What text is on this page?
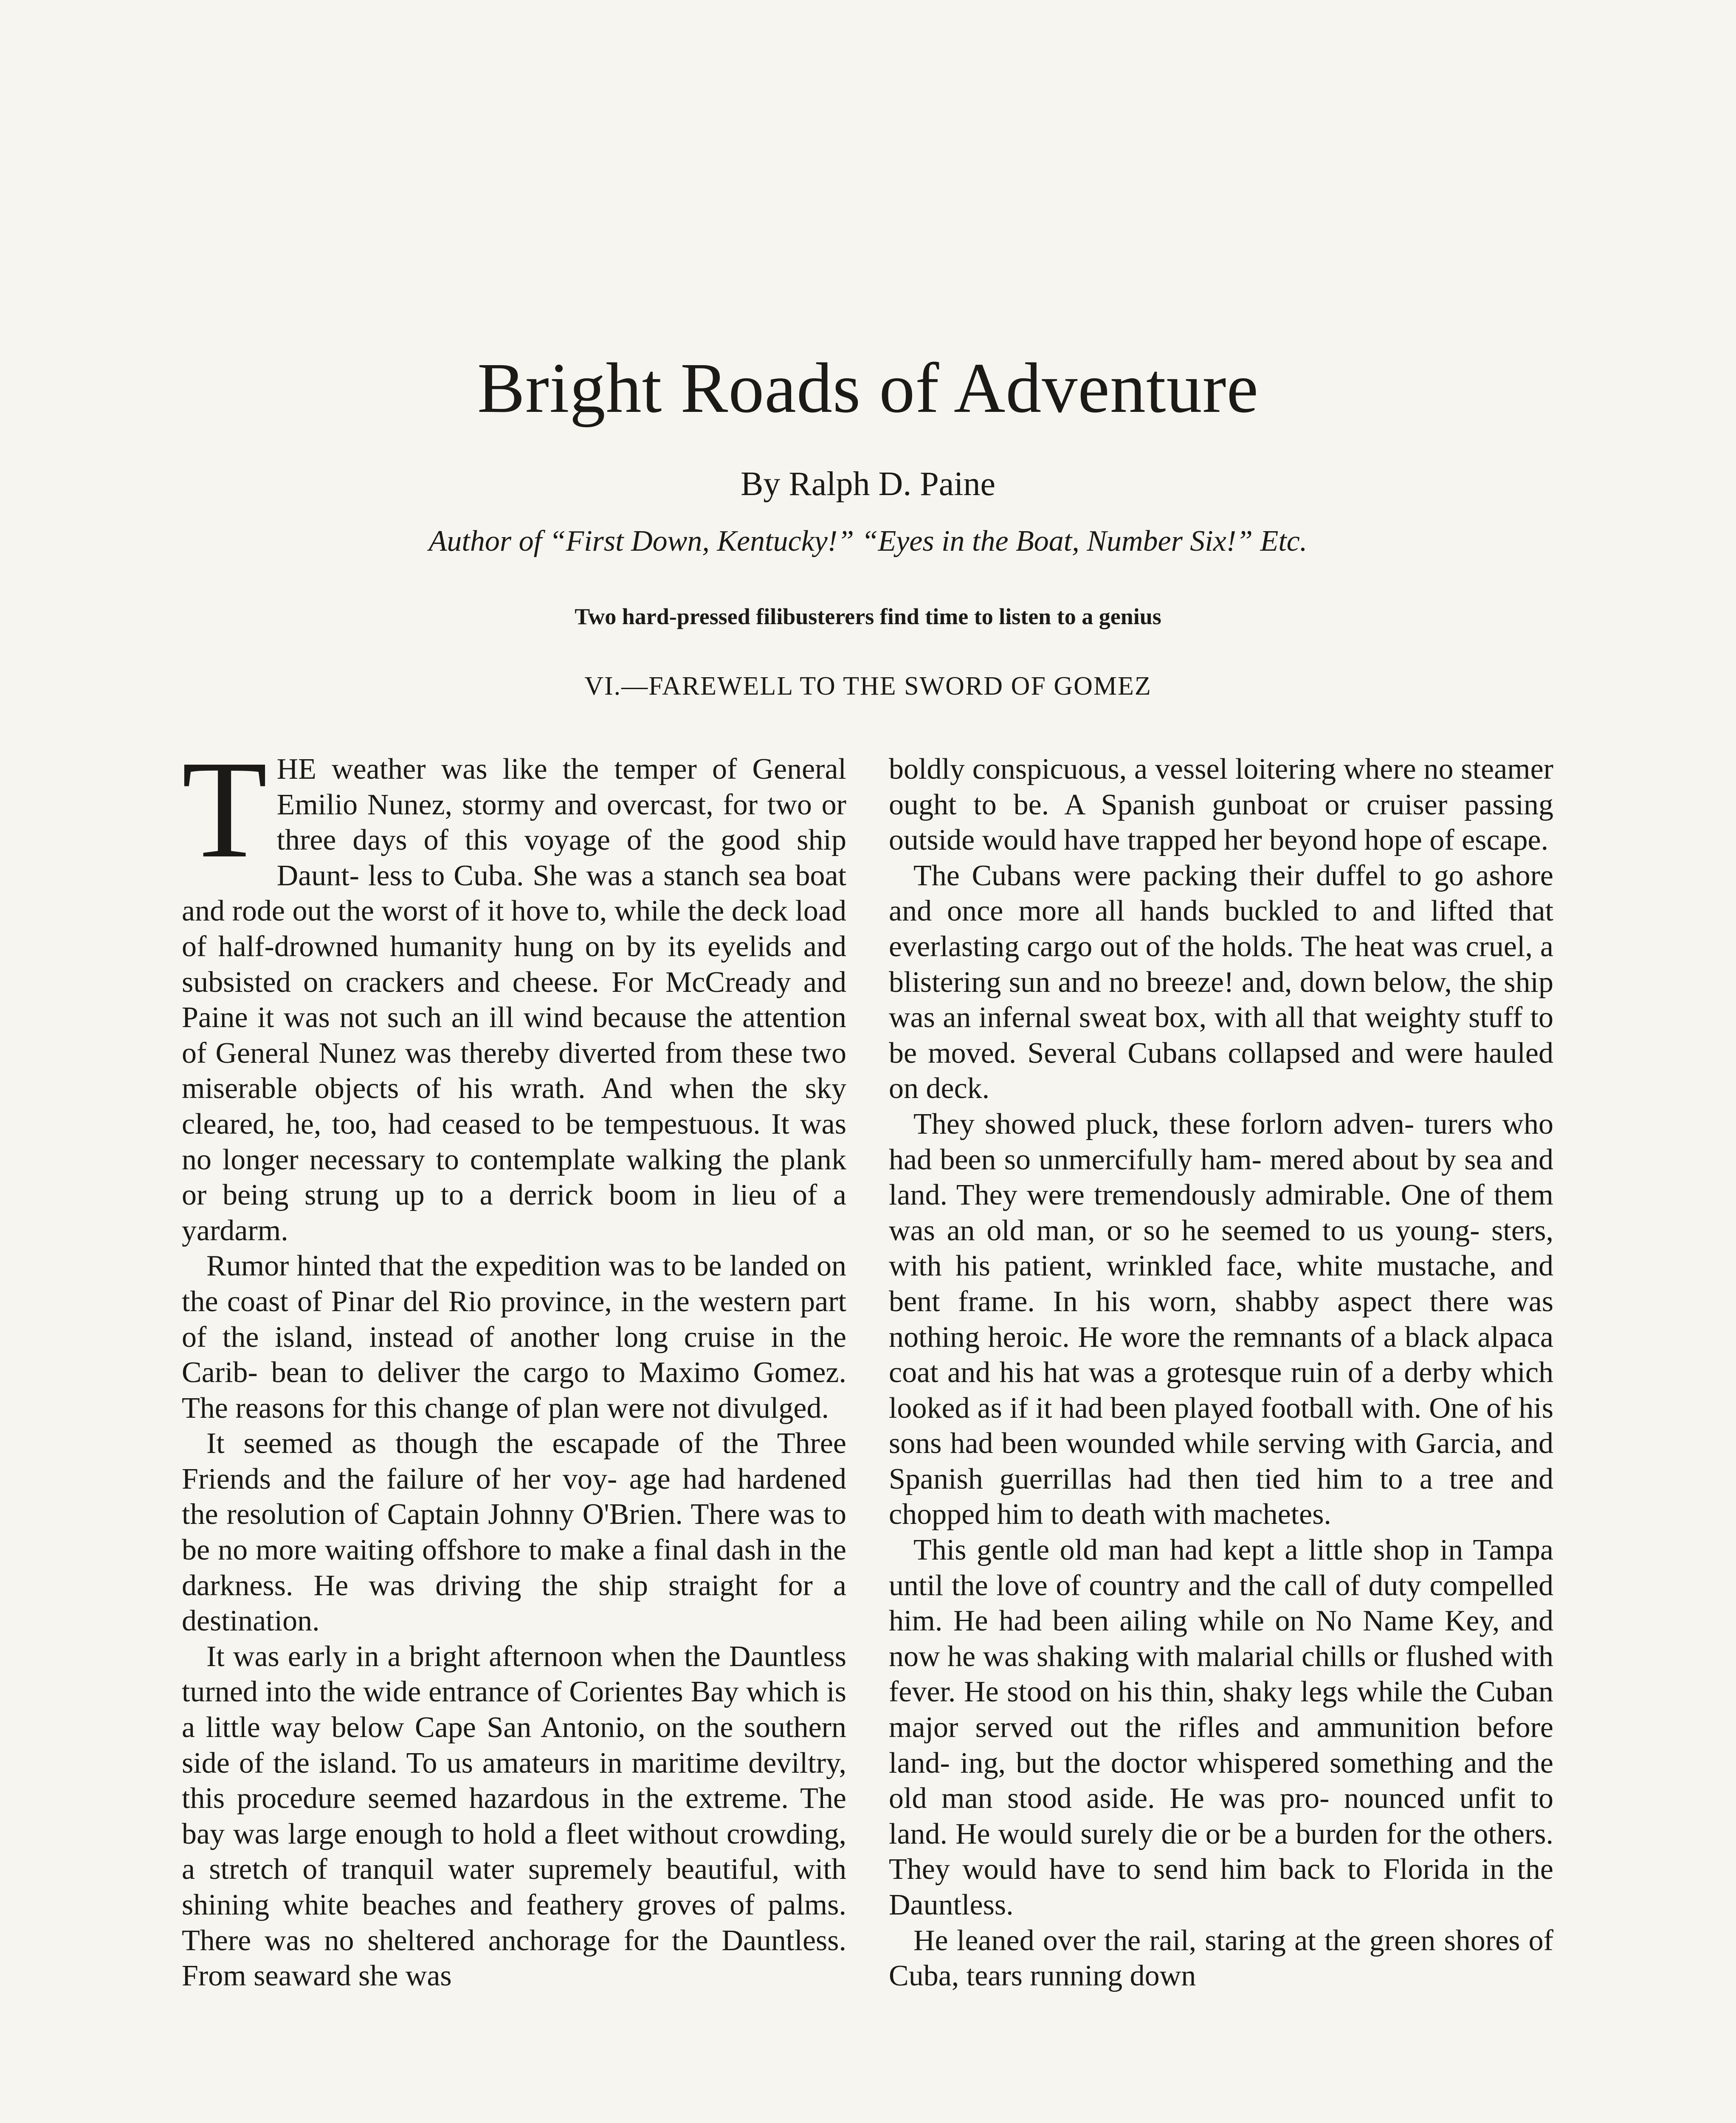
Bright Roads of Adventure
By Ralph D. Paine
Author of “First Down, Kentucky!” “Eyes in the Boat, Number Six!” Etc.
Two hard-pressed filibusterers find time to listen to a genius
VI.—FAREWELL TO THE SWORD OF GOMEZ

THE weather was like the temper of General Emilio Nunez, stormy and overcast, for two or three days of this voyage of the good ship Daunt- less to Cuba. She was a stanch sea boat and rode out the worst of it hove to, while the deck load of half-drowned humanity hung on by its eyelids and subsisted on crackers and cheese. For McCready and Paine it was not such an ill wind because the attention of General Nunez was thereby diverted from these two miserable objects of his wrath. And when the sky cleared, he, too, had ceased to be tempestuous. It was no longer necessary to contemplate walking the plank or being strung up to a derrick boom in lieu of a yardarm.

Rumor hinted that the expedition was to be landed on the coast of Pinar del Rio province, in the western part of the island, instead of another long cruise in the Carib- bean to deliver the cargo to Maximo Gomez. The reasons for this change of plan were not divulged.

It seemed as though the escapade of the Three Friends and the failure of her voy- age had hardened the resolution of Captain Johnny O'Brien. There was to be no more waiting offshore to make a final dash in the darkness. He was driving the ship straight for a destination.

It was early in a bright afternoon when the Dauntless turned into the wide entrance of Corientes Bay which is a little way below Cape San Antonio, on the southern side of the island. To us amateurs in maritime deviltry, this procedure seemed hazardous in the extreme. The bay was large enough to hold a fleet without crowding, a stretch of tranquil water supremely beautiful, with shining white beaches and feathery groves of palms. There was no sheltered anchorage for the Dauntless. From seaward she was

boldly conspicuous, a vessel loitering where no steamer ought to be. A Spanish gunboat or cruiser passing outside would have trapped her beyond hope of escape.

The Cubans were packing their duffel to go ashore and once more all hands buckled to and lifted that everlasting cargo out of the holds. The heat was cruel, a blistering sun and no breeze! and, down below, the ship was an infernal sweat box, with all that weighty stuff to be moved. Several Cubans collapsed and were hauled on deck.

They showed pluck, these forlorn adven- turers who had been so unmercifully ham- mered about by sea and land. They were tremendously admirable. One of them was an old man, or so he seemed to us young- sters, with his patient, wrinkled face, white mustache, and bent frame. In his worn, shabby aspect there was nothing heroic. He wore the remnants of a black alpaca coat and his hat was a grotesque ruin of a derby which looked as if it had been played football with. One of his sons had been wounded while serving with Garcia, and Spanish guerrillas had then tied him to a tree and chopped him to death with machetes.

This gentle old man had kept a little shop in Tampa until the love of country and the call of duty compelled him. He had been ailing while on No Name Key, and now he was shaking with malarial chills or flushed with fever. He stood on his thin, shaky legs while the Cuban major served out the rifles and ammunition before land- ing, but the doctor whispered something and the old man stood aside. He was pro- nounced unfit to land. He would surely die or be a burden for the others. They would have to send him back to Florida in the Dauntless.

He leaned over the rail, staring at the green shores of Cuba, tears running down
